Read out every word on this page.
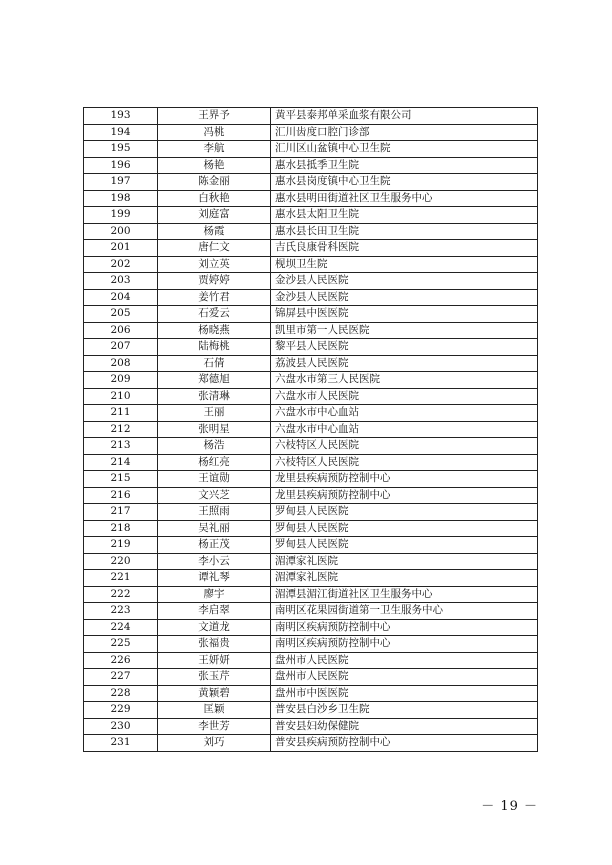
193	王界予	黄平县泰邦单采血浆有限公司
194	冯桃	汇川齿度口腔门诊部
195	李航	汇川区山盆镇中心卫生院
196	杨艳	惠水县抵季卫生院
197	陈金丽	惠水县岗度镇中心卫生院
198	白秋艳	惠水县明田街道社区卫生服务中心
199	刘庭富	惠水县太阳卫生院
200	杨霞	惠水县长田卫生院
201	唐仁文	吉氏良康骨科医院
202	刘立英	枧坝卫生院
203	贾婷婷	金沙县人民医院
204	姜竹君	金沙县人民医院
205	石爱云	锦屏县中医医院
206	杨晓燕	凯里市第一人民医院
207	陆梅桃	黎平县人民医院
208	石倩	荔波县人民医院
209	郑德旭	六盘水市第三人民医院
210	张清琳	六盘水市人民医院
211	王丽	六盘水市中心血站
212	张明星	六盘水市中心血站
213	杨浩	六枝特区人民医院
214	杨红亮	六枝特区人民医院
215	王谊勋	龙里县疾病预防控制中心
216	文兴芝	龙里县疾病预防控制中心
217	王照雨	罗甸县人民医院
218	吴礼丽	罗甸县人民医院
219	杨正茂	罗甸县人民医院
220	李小云	湄潭家礼医院
221	谭礼琴	湄潭家礼医院
222	廖宇	湄潭县湄江街道社区卫生服务中心
223	李启翠	南明区花果园街道第一卫生服务中心
224	文道龙	南明区疾病预防控制中心
225	张福贵	南明区疾病预防控制中心
226	王妍妍	盘州市人民医院
227	张玉芹	盘州市人民医院
228	黄颖碧	盘州市中医医院
229	匡颖	普安县白沙乡卫生院
230	李世芳	普安县妇幼保健院
231	刘巧	普安县疾病预防控制中心
－ 19 －
